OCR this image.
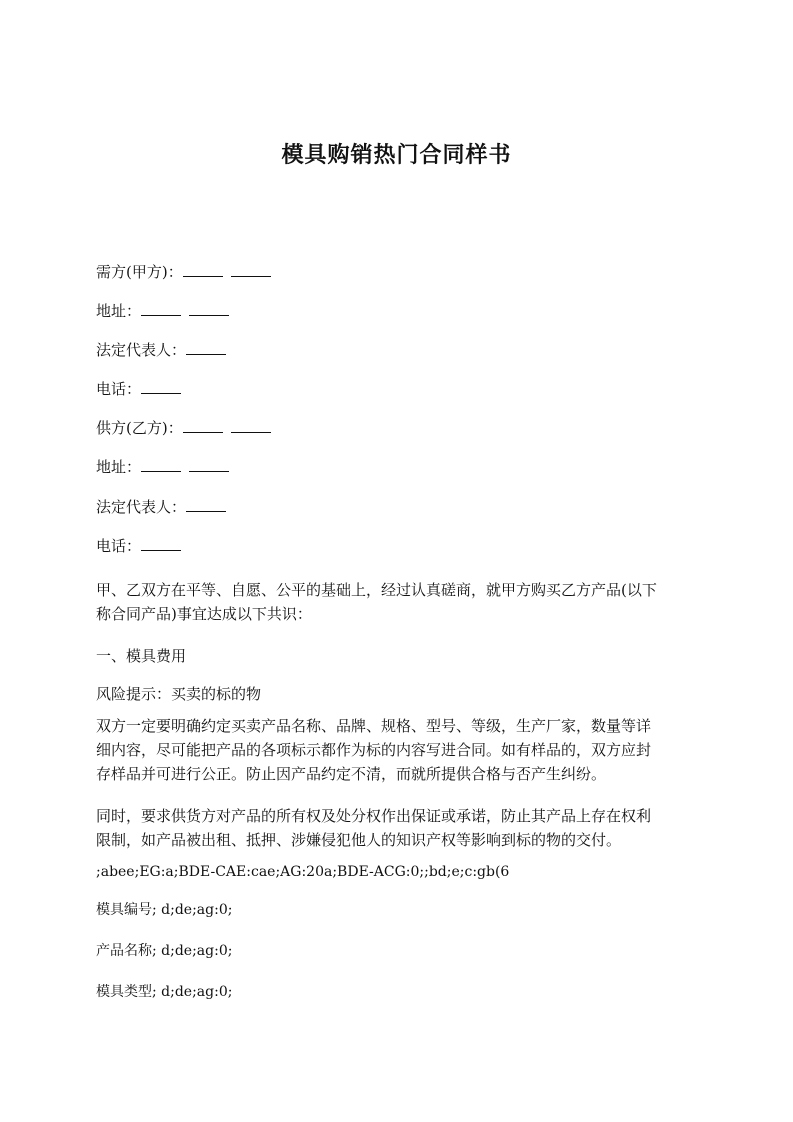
模具购销热门合同样书
需方(甲方)：
地址：
法定代表人：
电话：
供方(乙方)：
地址：
法定代表人：
电话：
甲、乙双方在平等、自愿、公平的基础上，经过认真磋商，就甲方购买乙方产品(以下
称合同产品)事宜达成以下共识：
一、模具费用
风险提示：买卖的标的物
双方一定要明确约定买卖产品名称、品牌、规格、型号、等级，生产厂家，数量等详
细内容，尽可能把产品的各项标示都作为标的内容写进合同。如有样品的，双方应封
存样品并可进行公正。防止因产品约定不清，而就所提供合格与否产生纠纷。
同时，要求供货方对产品的所有权及处分权作出保证或承诺，防止其产品上存在权利
限制，如产品被出租、抵押、涉嫌侵犯他人的知识产权等影响到标的物的交付。
;abee;EG:a;BDE-CAE:cae;AG:20a;BDE-ACG:0;;bd;e;c:gb(6
模具编号; d;de;ag:0;
产品名称; d;de;ag:0;
模具类型; d;de;ag:0;
